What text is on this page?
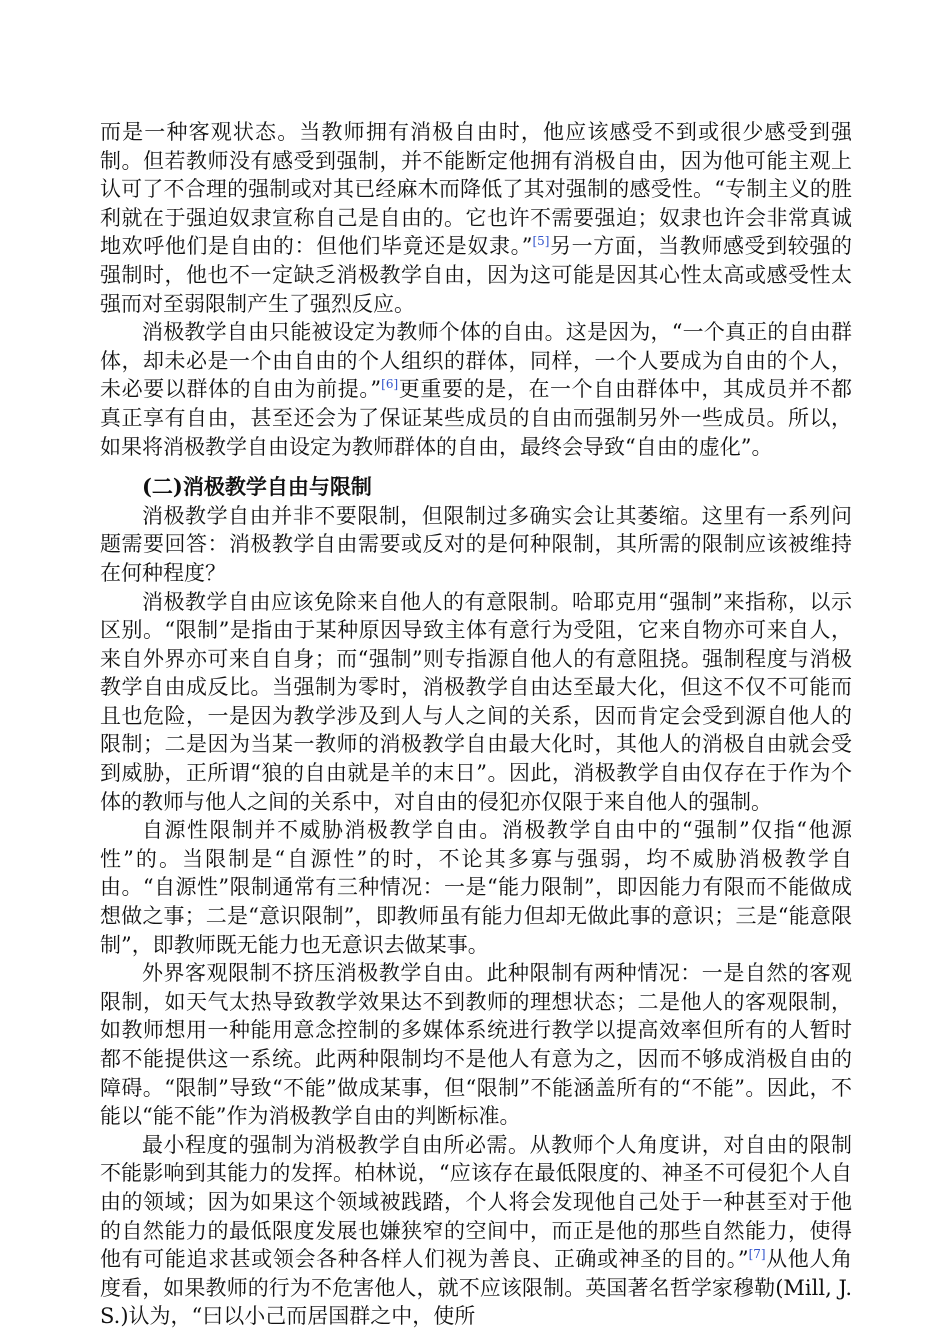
而是一种客观状态。当教师拥有消极自由时，他应该感受不到或很少感受到强制。但若教师没有感受到强制，并不能断定他拥有消极自由，因为他可能主观上认可了不合理的强制或对其已经麻木而降低了其对强制的感受性。“专制主义的胜利就在于强迫奴隶宣称自己是自由的。它也许不需要强迫；奴隶也许会非常真诚地欢呼他们是自由的：但他们毕竟还是奴隶。”[5]另一方面，当教师感受到较强的强制时，他也不一定缺乏消极教学自由，因为这可能是因其心性太高或感受性太强而对至弱限制产生了强烈反应。

消极教学自由只能被设定为教师个体的自由。这是因为，“一个真正的自由群体，却未必是一个由自由的个人组织的群体，同样，一个人要成为自由的个人，未必要以群体的自由为前提。”[6]更重要的是，在一个自由群体中，其成员并不都真正享有自由，甚至还会为了保证某些成员的自由而强制另外一些成员。所以，如果将消极教学自由设定为教师群体的自由，最终会导致“自由的虚化”。

(二)消极教学自由与限制

消极教学自由并非不要限制，但限制过多确实会让其萎缩。这里有一系列问题需要回答：消极教学自由需要或反对的是何种限制，其所需的限制应该被维持在何种程度？

消极教学自由应该免除来自他人的有意限制。哈耶克用“强制”来指称，以示区别。“限制”是指由于某种原因导致主体有意行为受阻，它来自物亦可来自人，来自外界亦可来自自身；而“强制”则专指源自他人的有意阻挠。强制程度与消极教学自由成反比。当强制为零时，消极教学自由达至最大化，但这不仅不可能而且也危险，一是因为教学涉及到人与人之间的关系，因而肯定会受到源自他人的限制；二是因为当某一教师的消极教学自由最大化时，其他人的消极自由就会受到威胁，正所谓“狼的自由就是羊的末日”。因此，消极教学自由仅存在于作为个体的教师与他人之间的关系中，对自由的侵犯亦仅限于来自他人的强制。

自源性限制并不威胁消极教学自由。消极教学自由中的“强制”仅指“他源性”的。当限制是“自源性”的时，不论其多寡与强弱，均不威胁消极教学自由。“自源性”限制通常有三种情况：一是“能力限制”，即因能力有限而不能做成想做之事；二是“意识限制”，即教师虽有能力但却无做此事的意识；三是“能意限制”，即教师既无能力也无意识去做某事。

外界客观限制不挤压消极教学自由。此种限制有两种情况：一是自然的客观限制，如天气太热导致教学效果达不到教师的理想状态；二是他人的客观限制，如教师想用一种能用意念控制的多媒体系统进行教学以提高效率但所有的人暂时都不能提供这一系统。此两种限制均不是他人有意为之，因而不够成消极自由的障碍。“限制”导致“不能”做成某事，但“限制”不能涵盖所有的“不能”。因此，不能以“能不能”作为消极教学自由的判断标准。

最小程度的强制为消极教学自由所必需。从教师个人角度讲，对自由的限制不能影响到其能力的发挥。柏林说，“应该存在最低限度的、神圣不可侵犯个人自由的领域；因为如果这个领域被践踏，个人将会发现他自己处于一种甚至对于他的自然能力的最低限度发展也嫌狭窄的空间中，而正是他的那些自然能力，使得他有可能追求甚或领会各种各样人们视为善良、正确或神圣的目的。”[7]从他人角度看，如果教师的行为不危害他人，就不应该限制。英国著名哲学家穆勒(Mill, J. S.)认为，“曰以小己而居国群之中，使所
